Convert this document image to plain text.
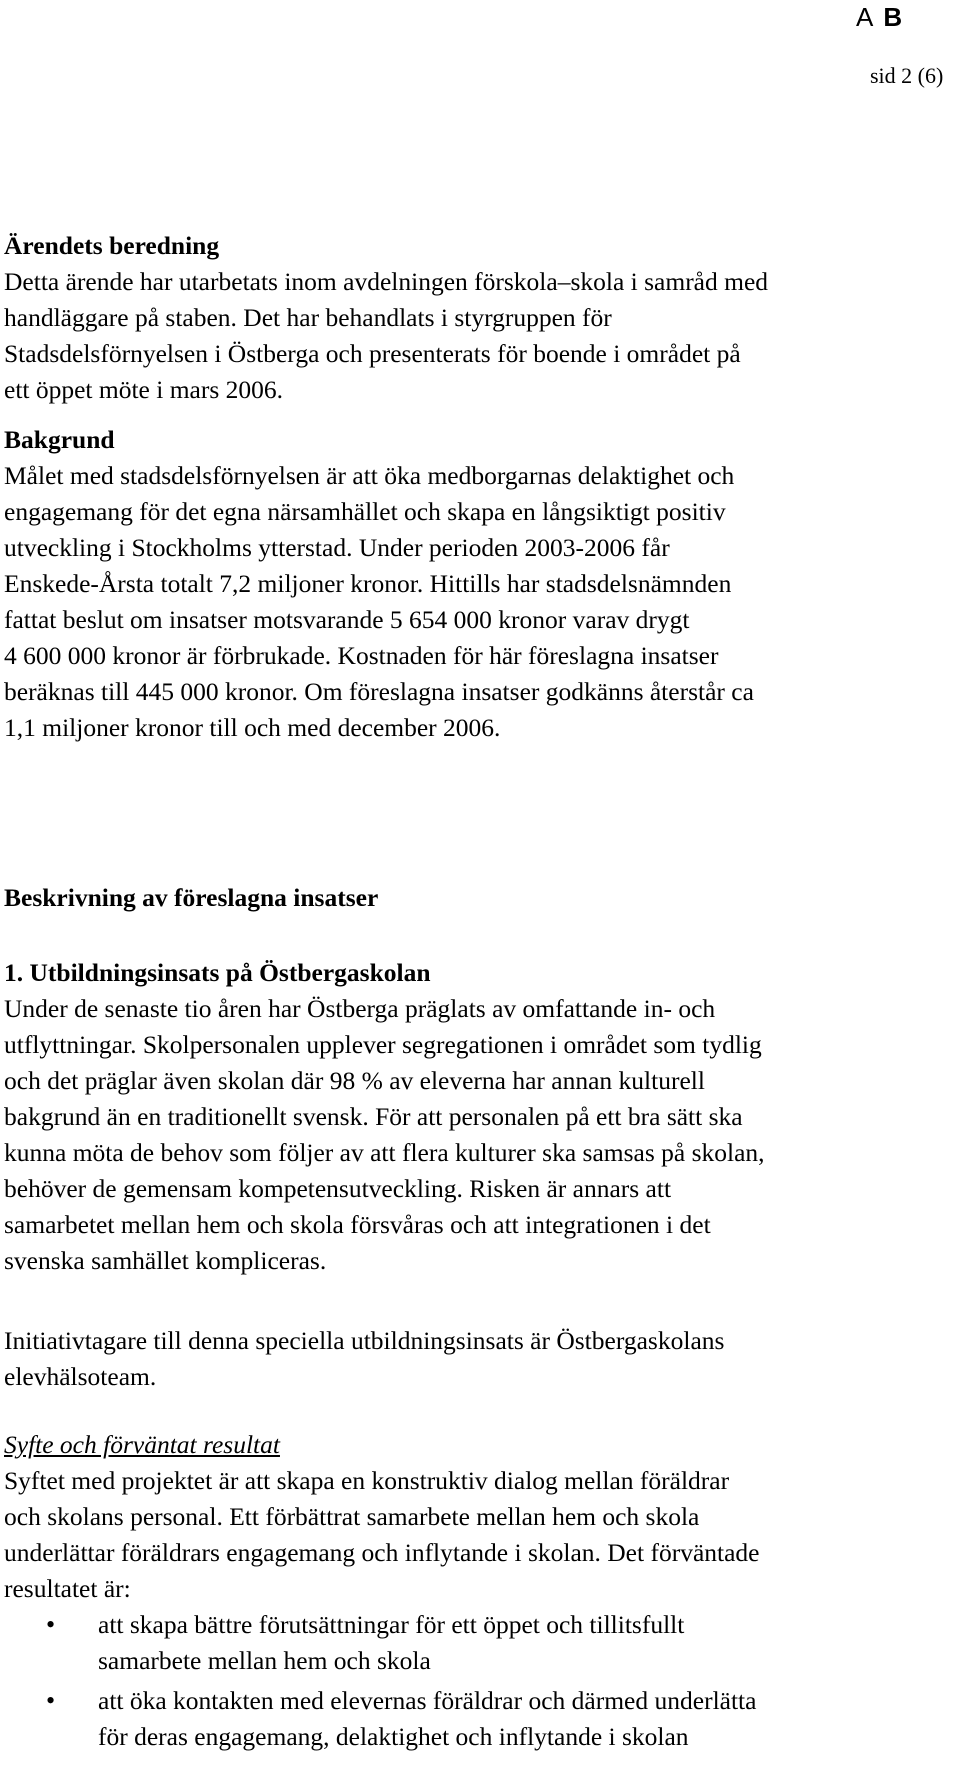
A B
sid 2 (6)
Ärendets beredning
Detta ärende har utarbetats inom avdelningen förskola–skola i samråd med
handläggare på staben. Det har behandlats i styrgruppen för
Stadsdelsförnyelsen i Östberga och presenterats för boende i området på
ett öppet möte i mars 2006.
Bakgrund
Målet med stadsdelsförnyelsen är att öka medborgarnas delaktighet och
engagemang för det egna närsamhället och skapa en långsiktigt positiv
utveckling i Stockholms ytterstad. Under perioden 2003-2006 får
Enskede-Årsta totalt 7,2 miljoner kronor. Hittills har stadsdelsnämnden
fattat beslut om insatser motsvarande 5 654 000 kronor varav drygt
4 600 000 kronor är förbrukade. Kostnaden för här föreslagna insatser
beräknas till 445 000 kronor. Om föreslagna insatser godkänns återstår ca
1,1 miljoner kronor till och med december 2006.
Beskrivning av föreslagna insatser
1. Utbildningsinsats på Östbergaskolan
Under de senaste tio åren har Östberga präglats av omfattande in- och
utflyttningar. Skolpersonalen upplever segregationen i området som tydlig
och det präglar även skolan där 98 % av eleverna har annan kulturell
bakgrund än en traditionellt svensk. För att personalen på ett bra sätt ska
kunna möta de behov som följer av att flera kulturer ska samsas på skolan,
behöver de gemensam kompetensutveckling. Risken är annars att
samarbetet mellan hem och skola försvåras och att integrationen i det
svenska samhället kompliceras.
Initiativtagare till denna speciella utbildningsinsats är Östbergaskolans
elevhälsoteam.
Syfte och förväntat resultat
Syftet med projektet är att skapa en konstruktiv dialog mellan föräldrar
och skolans personal. Ett förbättrat samarbete mellan hem och skola
underlättar föräldrars engagemang och inflytande i skolan. Det förväntade
resultatet är:
• att skapa bättre förutsättningar för ett öppet och tillitsfullt
samarbete mellan hem och skola
• att öka kontakten med elevernas föräldrar och därmed underlätta
för deras engagemang, delaktighet och inflytande i skolan
